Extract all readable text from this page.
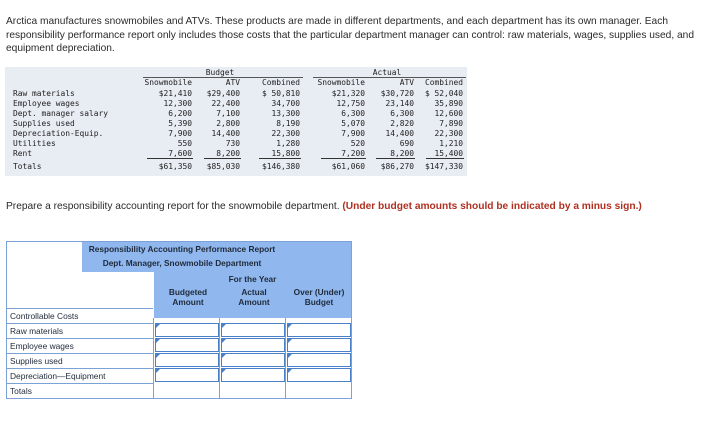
Arctica manufactures snowmobiles and ATVs. These products are made in different departments, and each department has its own manager. Each responsibility performance report only includes those costs that the particular department manager can control: raw materials, wages, supplies used, and equipment depreciation.
Budget	Actual
Snowmobile	ATV	Combined	Snowmobile	ATV	Combined
Raw materials	$21,410	$29,400	$ 50,810	$21,320	$30,720	$ 52,040
Employee wages	12,300	22,400	34,700	12,750	23,140	35,890
Dept. manager salary	6,200	7,100	13,300	6,300	6,300	12,600
Supplies used	5,390	2,800	8,190	5,070	2,820	7,890
Depreciation-Equip.	7,900	14,400	22,300	7,900	14,400	22,300
Utilities	550	730	1,280	520	690	1,210
Rent	7,600	8,200	15,800	7,200	8,200	15,400
Totals	$61,350	$85,030	$146,380	$61,060	$86,270	$147,330
Prepare a responsibility accounting report for the snowmobile department. (Under budget amounts should be indicated by a minus sign.)
Responsibility Accounting Performance Report
Dept. Manager, Snowmobile Department
For the Year
Budgeted
Amount
Actual
Amount
Over (Under)
Budget
Controllable Costs
Raw materials
Employee wages
Supplies used
Depreciation—Equipment
Totals
